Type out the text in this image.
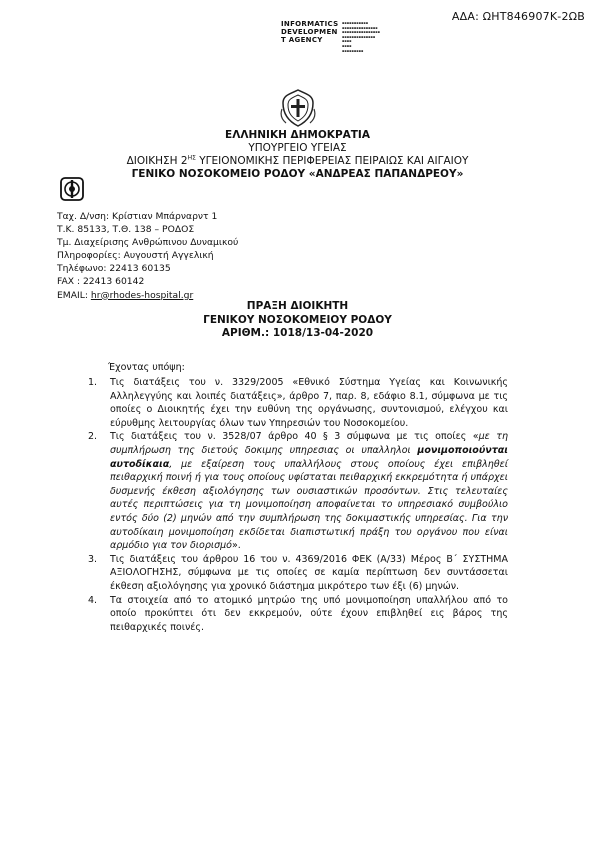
ΑΔΑ: ΩΗΤ846907Κ-2ΩΒ
INFORMATICS
DEVELOPMEN
T AGENCY
▪▪▪▪▪▪▪▪▪▪▪
▪▪▪▪▪▪▪▪▪▪▪▪▪▪▪
▪▪▪▪▪▪▪▪▪▪▪▪▪▪▪▪
▪▪▪▪▪▪▪▪▪▪▪▪▪▪
▪▪▪▪
▪▪▪▪
▪▪▪▪▪▪▪▪▪
ΕΛΛΗΝΙΚΗ ΔΗΜΟΚΡΑΤΙΑ
ΥΠΟΥΡΓΕΙΟ ΥΓΕΙΑΣ
ΔΙΟΙΚΗΣΗ $2^{H\Sigma}$ ΥΓΕΙΟΝΟΜΙΚΗΣ ΠΕΡΙΦΕΡΕΙΑΣ ΠΕΙΡΑΙΩΣ ΚΑΙ ΑΙΓΑΙΟΥ
ΓΕΝΙΚΟ ΝΟΣΟΚΟΜΕΙΟ ΡΟΔΟΥ «ΑΝΔΡΕΑΣ ΠΑΠΑΝΔΡΕΟΥ»
Ταχ. Δ/νση: Κρίστιαν Μπάρναρντ 1
Τ.Κ. 85133, Τ.Θ. 138 – ΡΟΔΟΣ
Τμ. Διαχείρισης Ανθρώπινου Δυναμικού
Πληροφορίες: Αυγουστή Αγγελική
Τηλέφωνο: 22413 60135
FAX : 22413 60142
EMAIL: hr@rhodes-hospital.gr
ΠΡΑΞΗ ΔΙΟΙΚΗΤΗ
ΓΕΝΙΚΟΥ ΝΟΣΟΚΟΜΕΙΟΥ ΡΟΔΟΥ
ΑΡΙΘΜ.: 1018/13-04-2020
Έχοντας υπόψη:
1. Τις διατάξεις του ν. 3329/2005 «Εθνικό Σύστημα Υγείας και Κοινωνικής Αλληλεγγύης και λοιπές διατάξεις», άρθρο 7, παρ. 8, εδάφιο 8.1, σύμφωνα με τις οποίες ο Διοικητής έχει την ευθύνη της οργάνωσης, συντονισμού, ελέγχου και εύρυθμης λειτουργίας όλων των Υπηρεσιών του Νοσοκομείου.
2. Τις διατάξεις του ν. 3528/07 άρθρο 40 § 3 σύμφωνα με τις οποίες «με τη συμπλήρωση της διετούς δοκιμης υπηρεσιας οι υπαλληλοι μονιμοποιούνται αυτοδίκαια, με εξαίρεση τους υπαλλήλους στους οποίους έχει επιβληθεί πειθαρχική ποινή ή για τους οποίους υφίσταται πειθαρχική εκκρεμότητα ή υπάρχει δυσμενής έκθεση αξιολόγησης των ουσιαστικών προσόντων. Στις τελευταίες αυτές περιπτώσεις για τη μονιμοποίηση αποφαίνεται το υπηρεσιακό συμβούλιο εντός δύο (2) μηνών από την συμπλήρωση της δοκιμαστικής υπηρεσίας. Για την αυτοδίκαιη μονιμοποίηση εκδίδεται διαπιστωτική πράξη του οργάνου που είναι αρμόδιο για τον διορισμό».
3. Τις διατάξεις του άρθρου 16 του ν. 4369/2016 ΦΕΚ (Α/33) Μέρος Β΄ ΣΥΣΤΗΜΑ ΑΞΙΟΛΟΓΗΣΗΣ, σύμφωνα με τις οποίες σε καμία περίπτωση δεν συντάσσεται έκθεση αξιολόγησης για χρονικό διάστημα μικρότερο των έξι (6) μηνών.
4. Τα στοιχεία από το ατομικό μητρώο της υπό μονιμοποίηση υπαλλήλου από το οποίο προκύπτει ότι δεν εκκρεμούν, ούτε έχουν επιβληθεί εις βάρος της πειθαρχικές ποινές.
